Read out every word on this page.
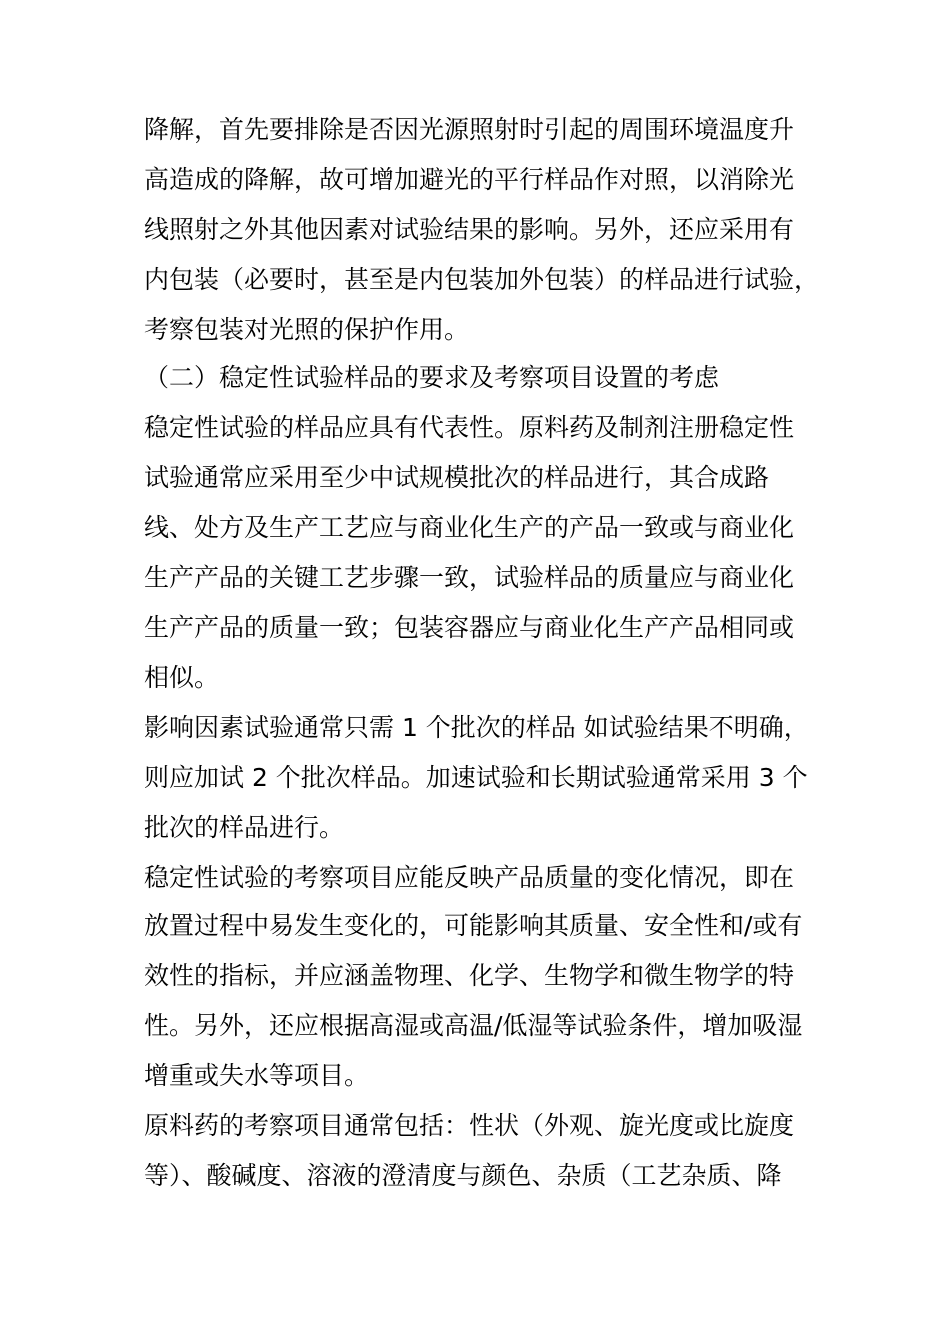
降解，首先要排除是否因光源照射时引起的周围环境温度升
高造成的降解，故可增加避光的平行样品作对照，以消除光
线照射之外其他因素对试验结果的影响。另外，还应采用有
内包装（必要时，甚至是内包装加外包装）的样品进行试验，
考察包装对光照的保护作用。
（二）稳定性试验样品的要求及考察项目设置的考虑
稳定性试验的样品应具有代表性。原料药及制剂注册稳定性
试验通常应采用至少中试规模批次的样品进行，其合成路
线、处方及生产工艺应与商业化生产的产品一致或与商业化
生产产品的关键工艺步骤一致，试验样品的质量应与商业化
生产产品的质量一致；包装容器应与商业化生产产品相同或
相似。
影响因素试验通常只需 1 个批次的样品 如试验结果不明确，
则应加试 2 个批次样品。加速试验和长期试验通常采用 3 个
批次的样品进行。
稳定性试验的考察项目应能反映产品质量的变化情况，即在
放置过程中易发生变化的，可能影响其质量、安全性和/或有
效性的指标，并应涵盖物理、化学、生物学和微生物学的特
性。另外，还应根据高湿或高温/低湿等试验条件，增加吸湿
增重或失水等项目。
原料药的考察项目通常包括：性状（外观、旋光度或比旋度
等）、酸碱度、溶液的澄清度与颜色、杂质（工艺杂质、降
